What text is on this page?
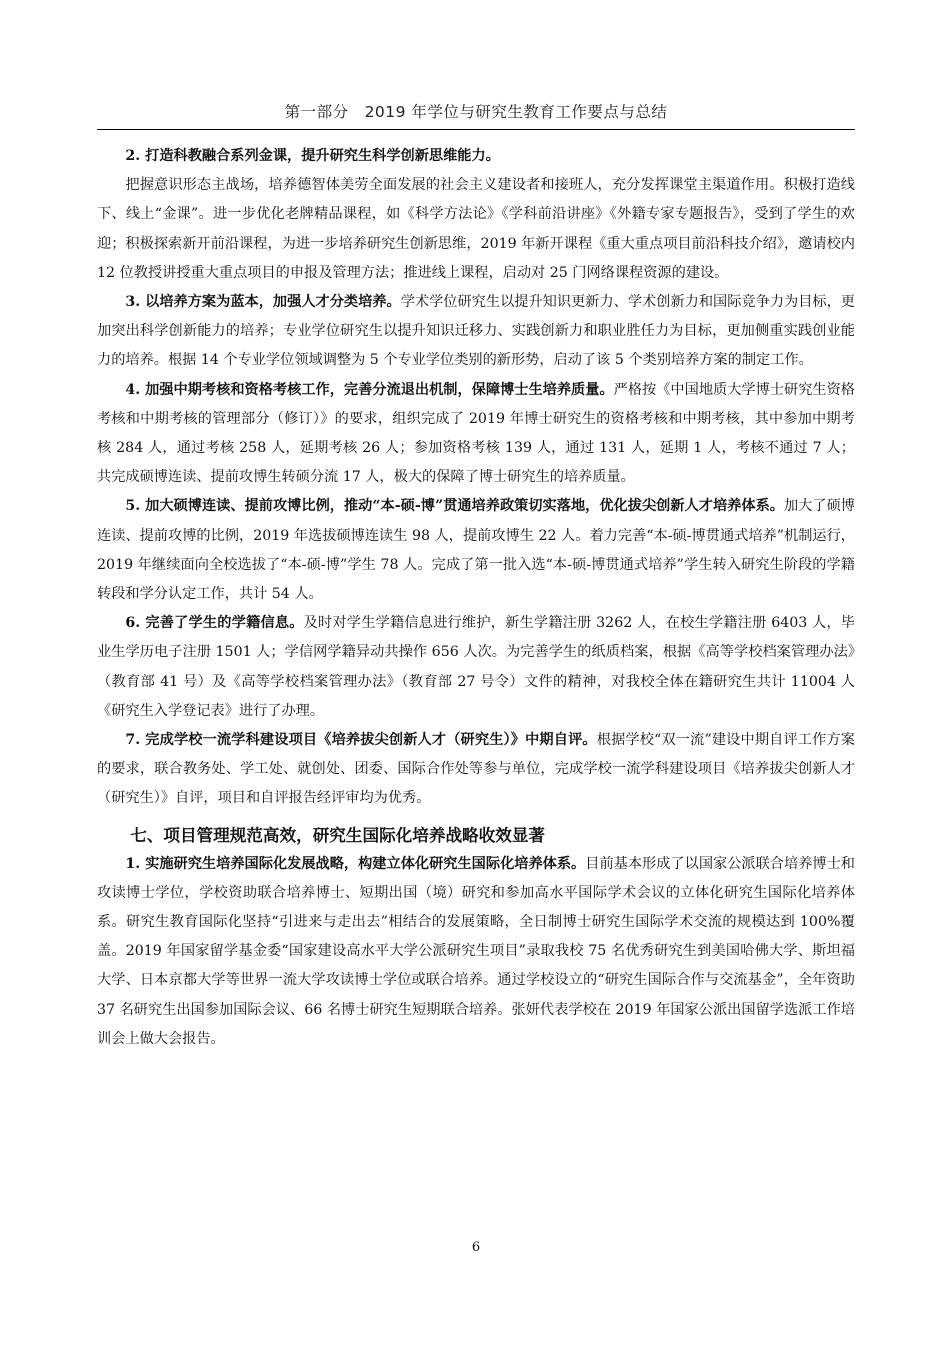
第一部分　2019 年学位与研究生教育工作要点与总结

2. 打造科教融合系列金课，提升研究生科学创新思维能力。

把握意识形态主战场，培养德智体美劳全面发展的社会主义建设者和接班人，充分发挥课堂主渠道作用。积极打造线下、线上“金课”。进一步优化老牌精品课程，如《科学方法论》《学科前沿讲座》《外籍专家专题报告》，受到了学生的欢迎；积极探索新开前沿课程，为进一步培养研究生创新思维，2019 年新开课程《重大重点项目前沿科技介绍》，邀请校内 12 位教授讲授重大重点项目的申报及管理方法；推进线上课程，启动对 25 门网络课程资源的建设。

3. 以培养方案为蓝本，加强人才分类培养。学术学位研究生以提升知识更新力、学术创新力和国际竞争力为目标，更加突出科学创新能力的培养；专业学位研究生以提升知识迁移力、实践创新力和职业胜任力为目标，更加侧重实践创业能力的培养。根据 14 个专业学位领域调整为 5 个专业学位类别的新形势，启动了该 5 个类别培养方案的制定工作。

4. 加强中期考核和资格考核工作，完善分流退出机制，保障博士生培养质量。严格按《中国地质大学博士研究生资格考核和中期考核的管理部分（修订）》的要求，组织完成了 2019 年博士研究生的资格考核和中期考核，其中参加中期考核 284 人，通过考核 258 人，延期考核 26 人；参加资格考核 139 人，通过 131 人，延期 1 人，考核不通过 7 人；共完成硕博连读、提前攻博生转硕分流 17 人，极大的保障了博士研究生的培养质量。

5. 加大硕博连读、提前攻博比例，推动“本-硕-博”贯通培养政策切实落地，优化拔尖创新人才培养体系。加大了硕博连读、提前攻博的比例，2019 年选拔硕博连读生 98 人，提前攻博生 22 人。着力完善“本-硕-博贯通式培养”机制运行，2019 年继续面向全校选拔了“本-硕-博”学生 78 人。完成了第一批入选“本-硕-博贯通式培养”学生转入研究生阶段的学籍转段和学分认定工作，共计 54 人。

6. 完善了学生的学籍信息。及时对学生学籍信息进行维护，新生学籍注册 3262 人，在校生学籍注册 6403 人，毕业生学历电子注册 1501 人；学信网学籍异动共操作 656 人次。为完善学生的纸质档案，根据《高等学校档案管理办法》（教育部 41 号）及《高等学校档案管理办法》（教育部 27 号令）文件的精神，对我校全体在籍研究生共计 11004 人《研究生入学登记表》进行了办理。

7. 完成学校一流学科建设项目《培养拔尖创新人才（研究生）》中期自评。根据学校“双一流”建设中期自评工作方案的要求，联合教务处、学工处、就创处、团委、国际合作处等参与单位，完成学校一流学科建设项目《培养拔尖创新人才（研究生）》自评，项目和自评报告经评审均为优秀。

七、项目管理规范高效，研究生国际化培养战略收效显著

1. 实施研究生培养国际化发展战略，构建立体化研究生国际化培养体系。目前基本形成了以国家公派联合培养博士和攻读博士学位，学校资助联合培养博士、短期出国（境）研究和参加高水平国际学术会议的立体化研究生国际化培养体系。研究生教育国际化坚持“引进来与走出去”相结合的发展策略，全日制博士研究生国际学术交流的规模达到 100%覆盖。2019 年国家留学基金委“国家建设高水平大学公派研究生项目”录取我校 75 名优秀研究生到美国哈佛大学、斯坦福大学、日本京都大学等世界一流大学攻读博士学位或联合培养。通过学校设立的“研究生国际合作与交流基金”，全年资助 37 名研究生出国参加国际会议、66 名博士研究生短期联合培养。张妍代表学校在 2019 年国家公派出国留学选派工作培训会上做大会报告。

6
